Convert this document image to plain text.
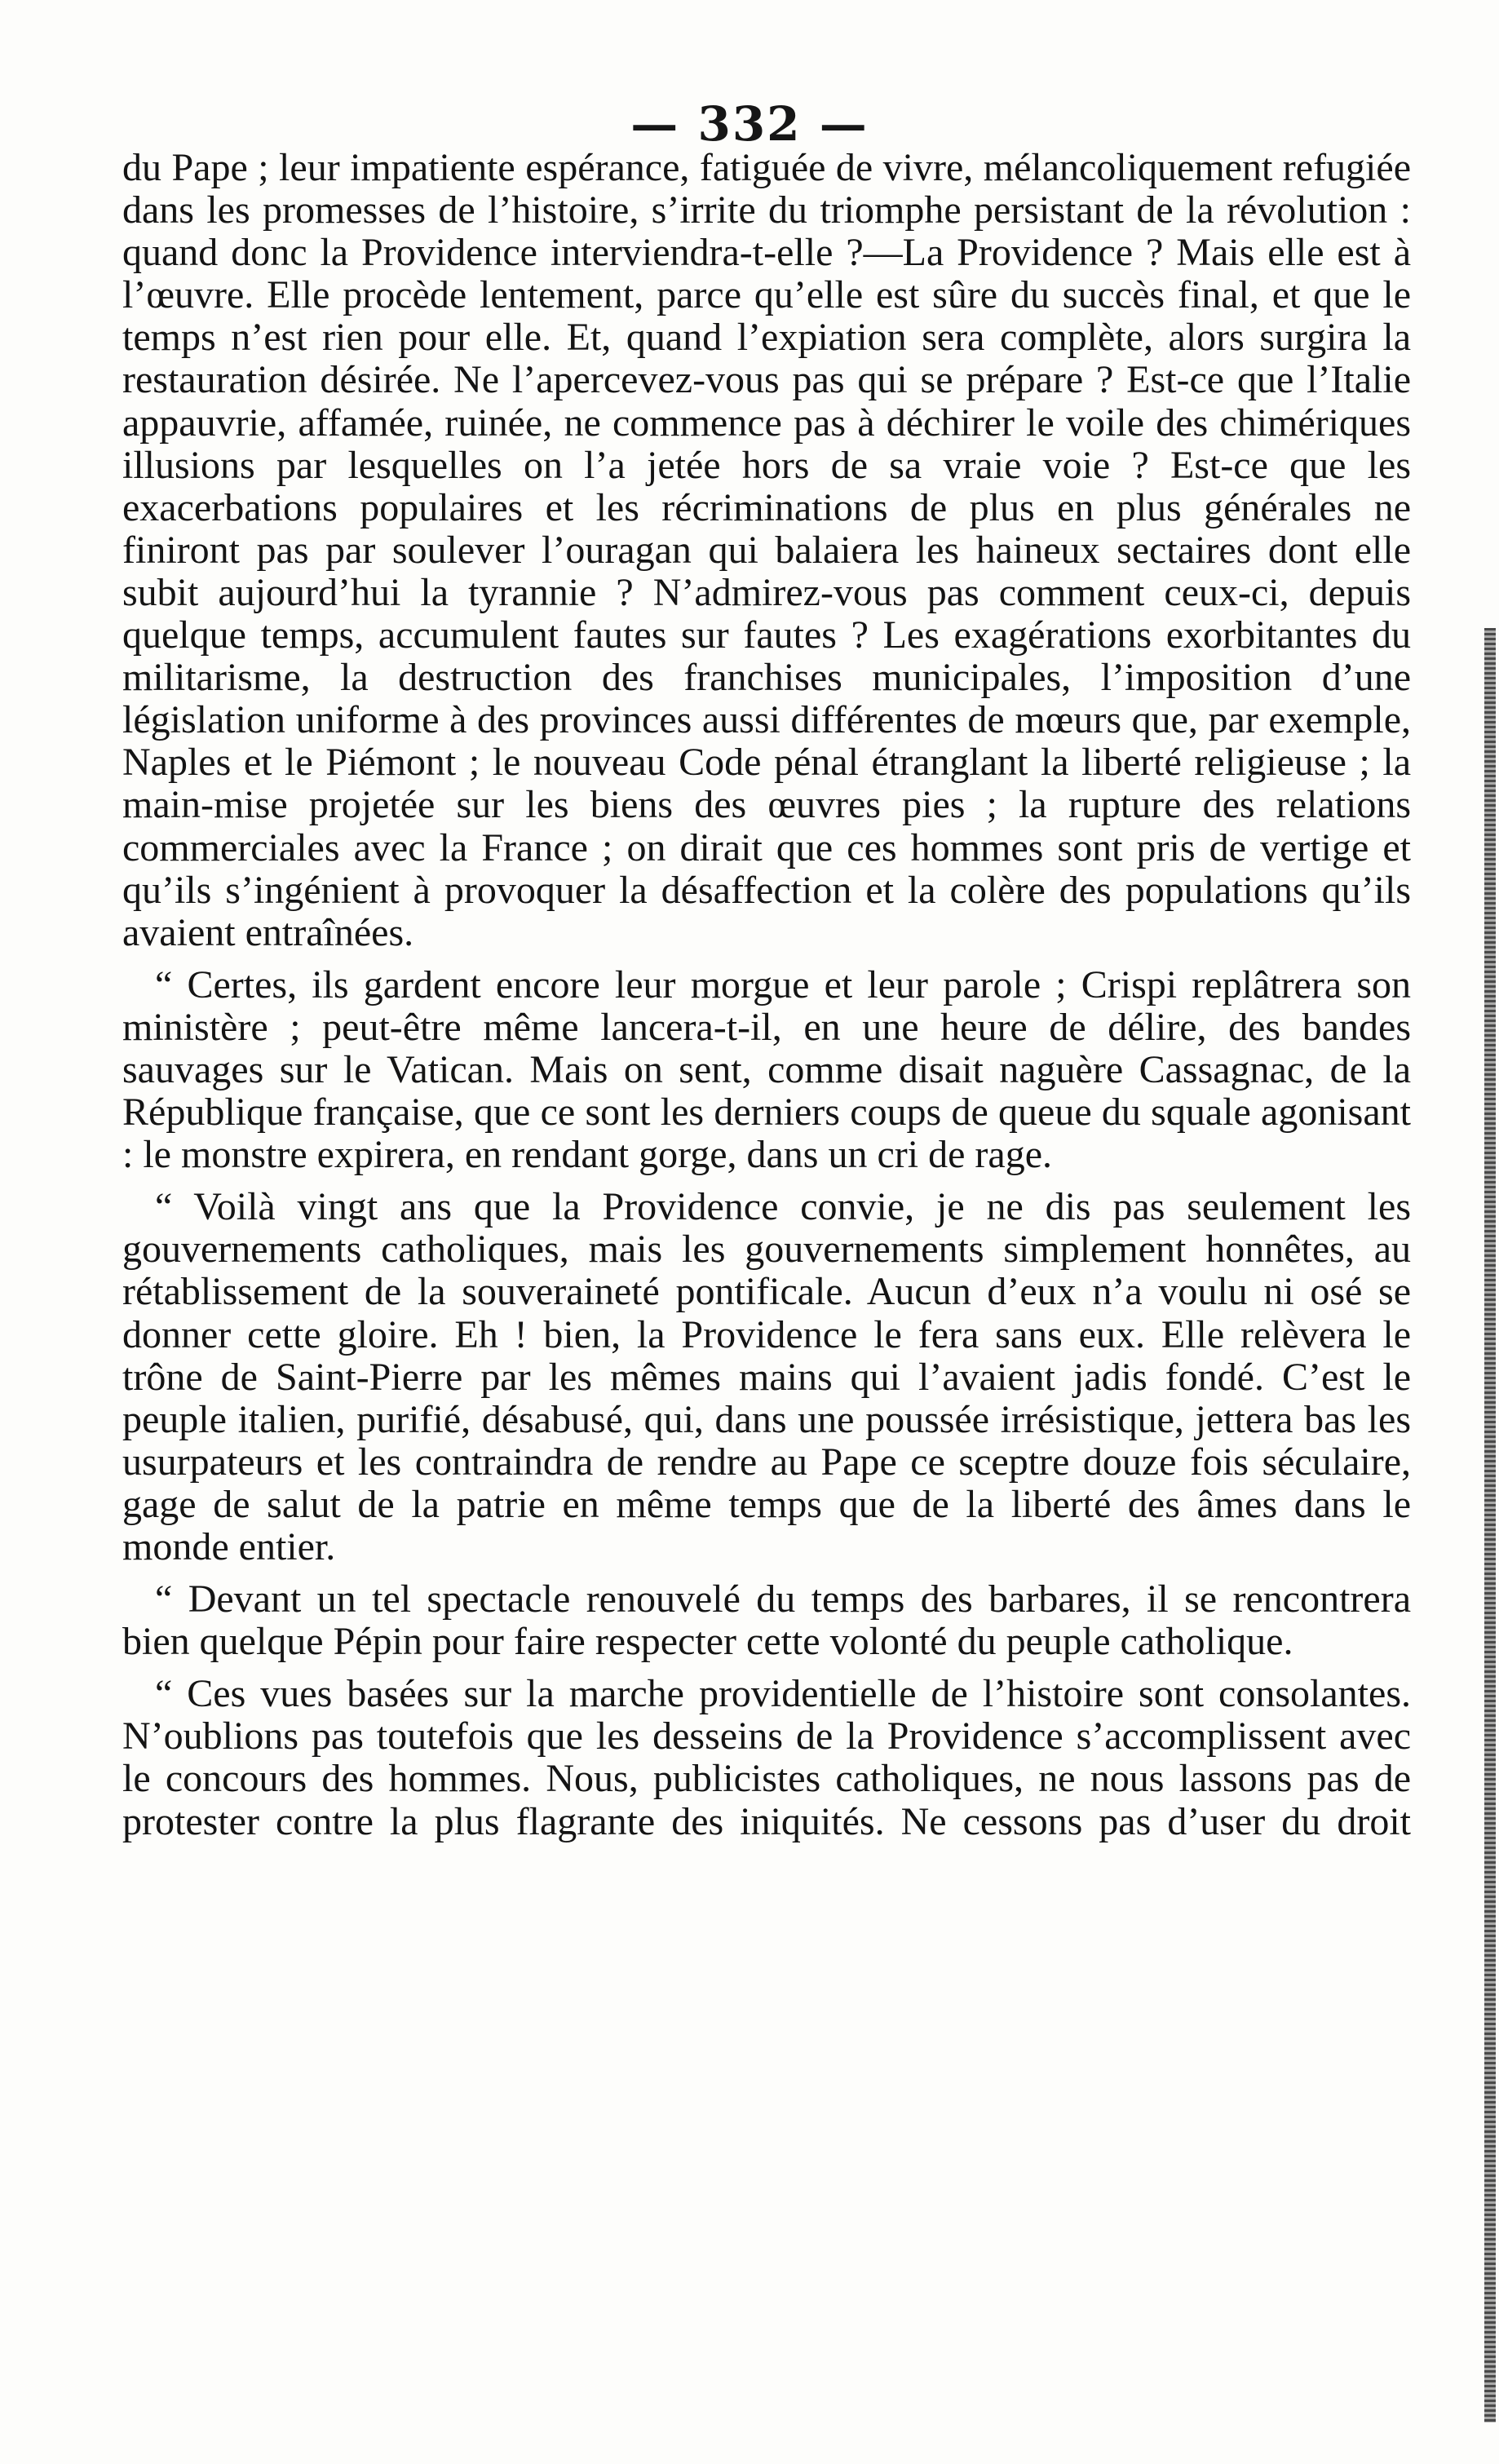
— 332 —

du Pape ; leur impatiente espérance, fatiguée de vivre, mélancoliquement refugiée dans les promesses de l’histoire, s’irrite du triomphe persistant de la révolution : quand donc la Providence interviendra-t-elle ?—La Providence ? Mais elle est à l’œuvre. Elle procède lentement, parce qu’elle est sûre du succès final, et que le temps n’est rien pour elle. Et, quand l’expiation sera complète, alors surgira la restauration désirée. Ne l’apercevez-vous pas qui se prépare ? Est-ce que l’Italie appauvrie, affamée, ruinée, ne commence pas à déchirer le voile des chimériques illusions par lesquelles on l’a jetée hors de sa vraie voie ? Est-ce que les exacerbations populaires et les récriminations de plus en plus générales ne finiront pas par soulever l’ouragan qui balaiera les haineux sectaires dont elle subit aujourd’hui la tyrannie ? N’admirez-vous pas comment ceux-ci, depuis quelque temps, accumulent fautes sur fautes ? Les exagérations exorbitantes du militarisme, la destruction des franchises municipales, l’imposition d’une législation uniforme à des provinces aussi différentes de mœurs que, par exemple, Naples et le Piémont ; le nouveau Code pénal étranglant la liberté religieuse ; la main-mise projetée sur les biens des œuvres pies ; la rupture des relations commerciales avec la France ; on dirait que ces hommes sont pris de vertige et qu’ils s’ingénient à provoquer la désaffection et la colère des populations qu’ils avaient entraînées.

“ Certes, ils gardent encore leur morgue et leur parole ; Crispi replâtrera son ministère ; peut-être même lancera-t-il, en une heure de délire, des bandes sauvages sur le Vatican. Mais on sent, comme disait naguère Cassagnac, de la République française, que ce sont les derniers coups de queue du squale agonisant : le monstre expirera, en rendant gorge, dans un cri de rage.

“ Voilà vingt ans que la Providence convie, je ne dis pas seulement les gouvernements catholiques, mais les gouvernements simplement honnêtes, au rétablissement de la souveraineté pontificale. Aucun d’eux n’a voulu ni osé se donner cette gloire. Eh ! bien, la Providence le fera sans eux. Elle relèvera le trône de Saint-Pierre par les mêmes mains qui l’avaient jadis fondé. C’est le peuple italien, purifié, désabusé, qui, dans une poussée irrésistique, jettera bas les usurpateurs et les contraindra de rendre au Pape ce sceptre douze fois séculaire, gage de salut de la patrie en même temps que de la liberté des âmes dans le monde entier.

“ Devant un tel spectacle renouvelé du temps des barbares, il se rencontrera bien quelque Pépin pour faire respecter cette volonté du peuple catholique.

“ Ces vues basées sur la marche providentielle de l’histoire sont consolantes. N’oublions pas toutefois que les desseins de la Providence s’accomplissent avec le concours des hommes. Nous, publicistes catholiques, ne nous lassons pas de protester contre la plus flagrante des iniquités. Ne cessons pas d’user du droit
